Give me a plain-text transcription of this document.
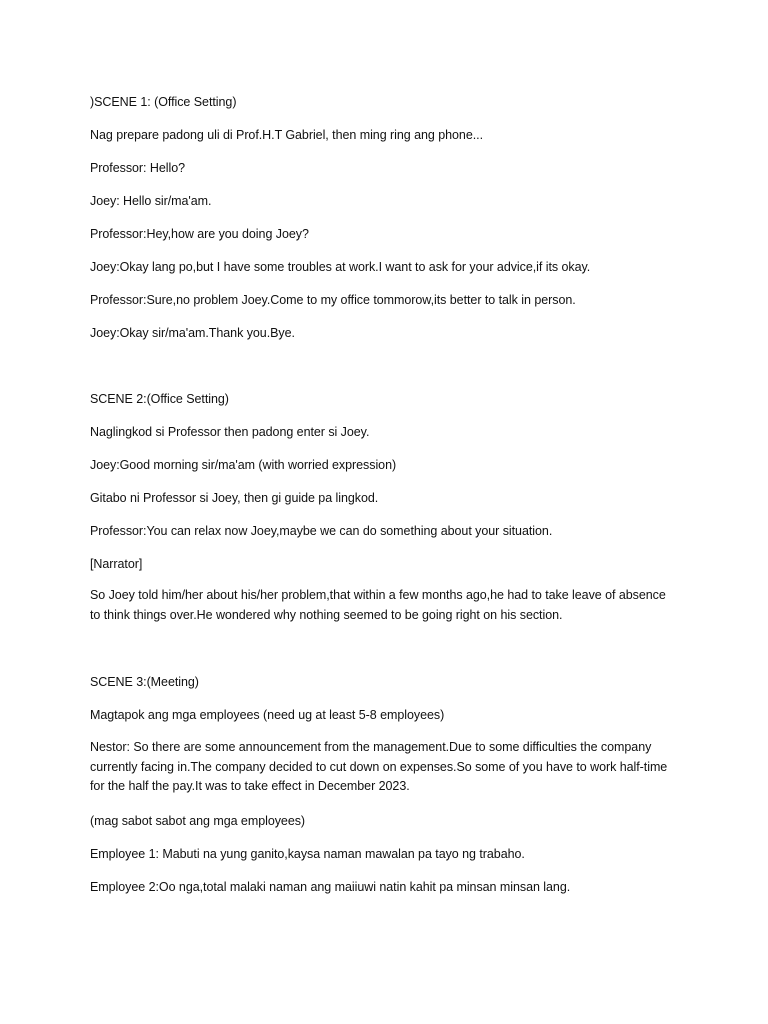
)SCENE 1: (Office Setting)
Nag prepare padong uli di Prof.H.T Gabriel, then ming ring ang phone...
Professor: Hello?
Joey: Hello sir/ma'am.
Professor:Hey,how are you doing Joey?
Joey:Okay lang po,but I have some troubles at work.I want to ask for your advice,if its okay.
Professor:Sure,no problem Joey.Come to my office tommorow,its better to talk in person.
Joey:Okay sir/ma'am.Thank you.Bye.
SCENE 2:(Office Setting)
Naglingkod si Professor then padong enter si Joey.
Joey:Good morning sir/ma'am (with worried expression)
Gitabo ni Professor si Joey, then gi guide pa lingkod.
Professor:You can relax now Joey,maybe we can do something about your situation.
[Narrator]
So Joey told him/her about his/her problem,that within a few months ago,he had to take leave of absence to think things over.He wondered why nothing seemed to be going right on his section.
SCENE 3:(Meeting)
Magtapok ang mga employees (need ug at least 5-8 employees)
Nestor: So there are some announcement from the management.Due to some difficulties the company currently facing in.The company decided to cut down on expenses.So some of you have to work half-time for the half the pay.It was to take effect in December 2023.
(mag sabot sabot ang mga employees)
Employee 1: Mabuti na yung ganito,kaysa naman mawalan pa tayo ng trabaho.
Employee 2:Oo nga,total malaki naman ang maiiuwi natin kahit pa minsan minsan lang.
